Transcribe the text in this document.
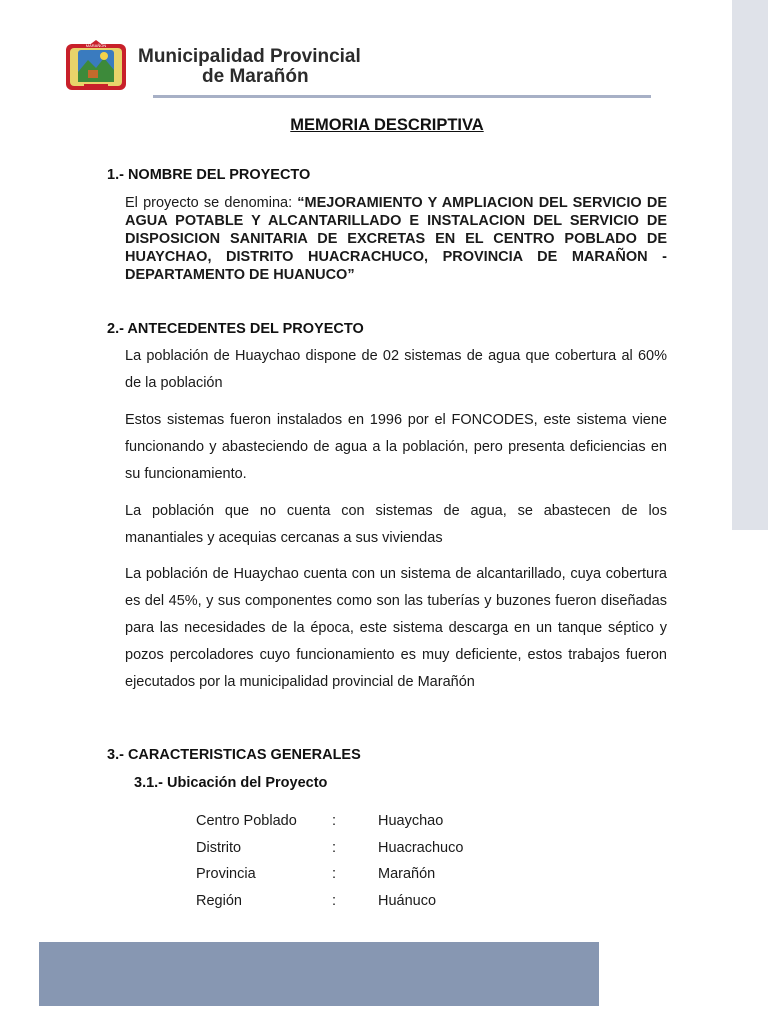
MARAÑON
Municipalidad Provincial
de Marañón
MEMORIA DESCRIPTIVA
1.- NOMBRE DEL PROYECTO
El proyecto se denomina: “MEJORAMIENTO Y AMPLIACION DEL SERVICIO DE AGUA POTABLE Y ALCANTARILLADO E INSTALACION DEL SERVICIO DE DISPOSICION SANITARIA DE EXCRETAS EN EL CENTRO POBLADO DE HUAYCHAO, DISTRITO HUACRACHUCO, PROVINCIA DE MARAÑON - DEPARTAMENTO DE HUANUCO”
2.- ANTECEDENTES DEL PROYECTO
La población de Huaychao dispone de 02 sistemas de agua que cobertura al 60% de la población
Estos sistemas fueron instalados en 1996 por el FONCODES, este sistema viene funcionando y abasteciendo de agua a la población, pero presenta deficiencias en su funcionamiento.
La población que no cuenta con sistemas de agua, se abastecen de los manantiales y acequias cercanas a sus viviendas
La población de Huaychao cuenta con un sistema de alcantarillado, cuya cobertura es del 45%, y sus componentes como son las tuberías y buzones fueron diseñadas para las necesidades de la época, este sistema descarga en un tanque séptico y pozos percoladores cuyo funcionamiento es muy deficiente, estos trabajos fueron ejecutados por la municipalidad provincial de Marañón
3.- CARACTERISTICAS GENERALES
3.1.- Ubicación del Proyecto
Centro Poblado	:	Huaychao
Distrito	:	Huacrachuco
Provincia	:	Marañón
Región	:	Huánuco
